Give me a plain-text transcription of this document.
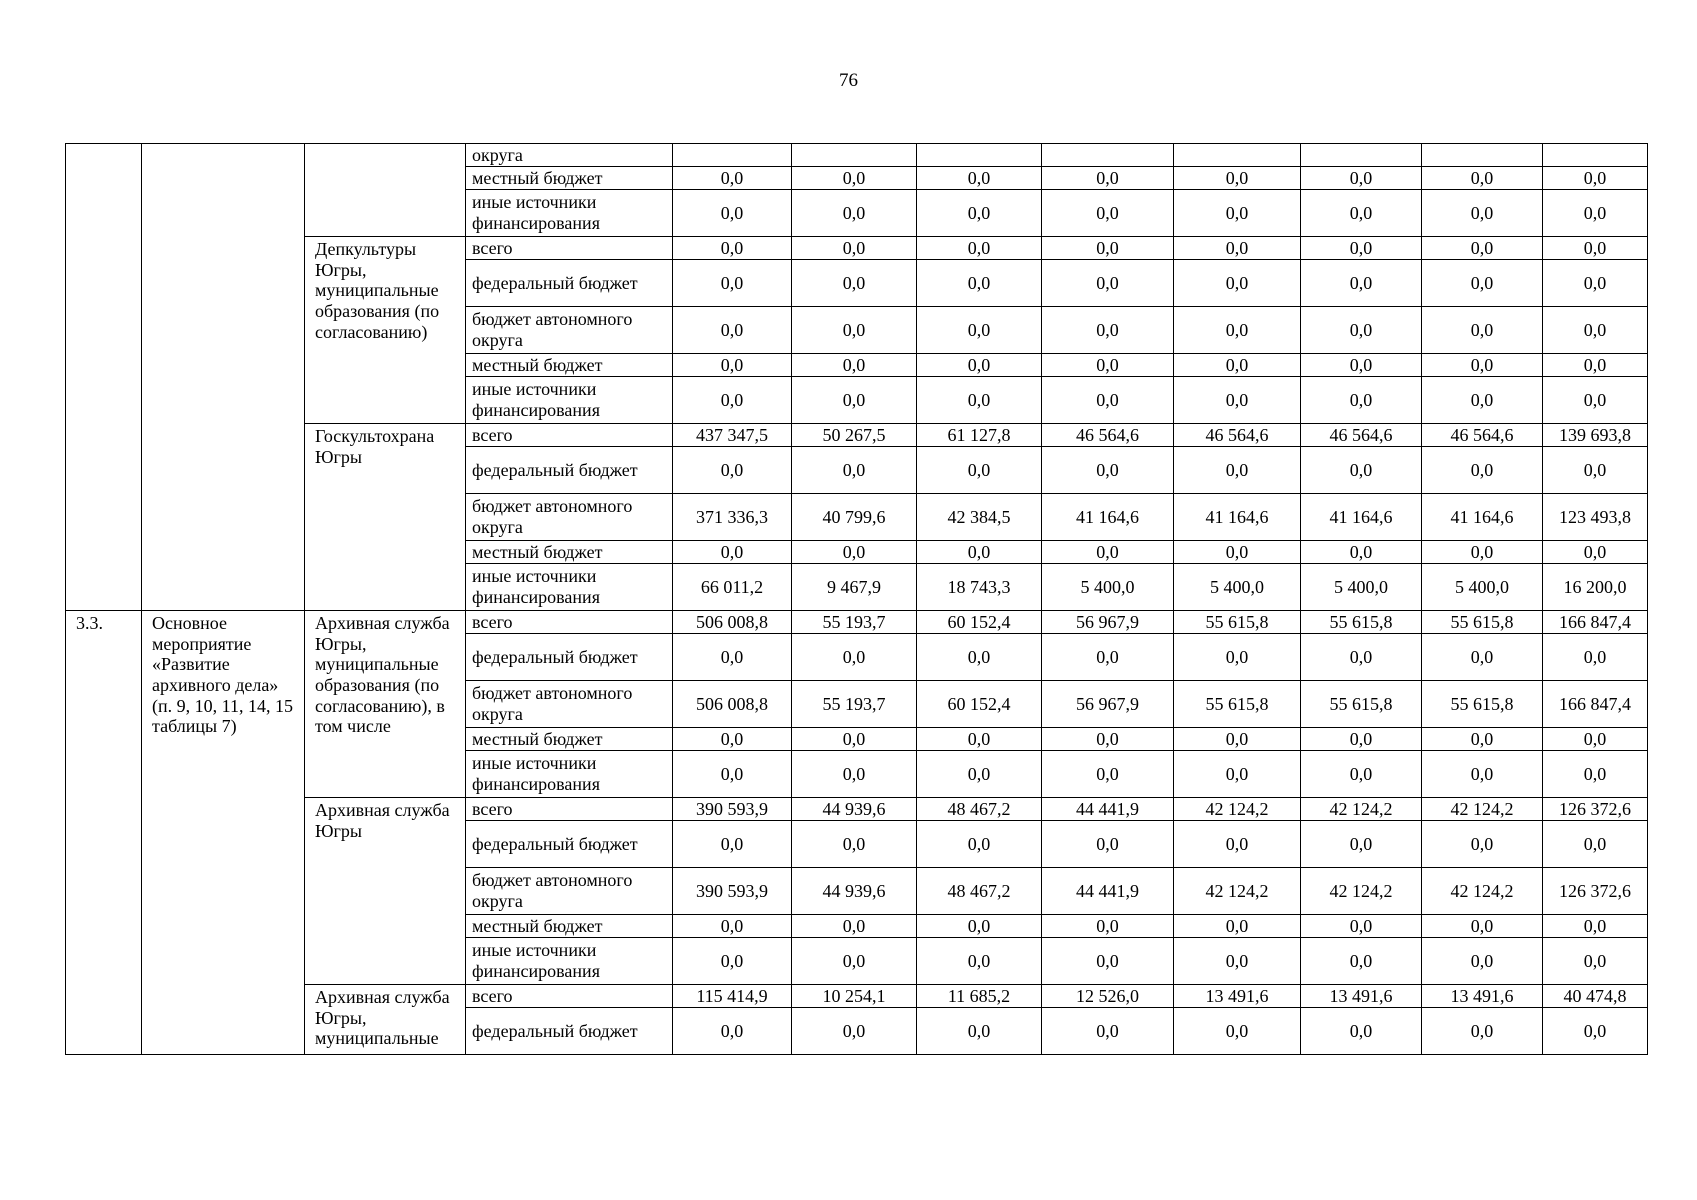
76
			округа								
			местный бюджет	0,0	0,0	0,0	0,0	0,0	0,0	0,0	0,0
			иные источники финансирования	0,0	0,0	0,0	0,0	0,0	0,0	0,0	0,0
		Депкультуры Югры, муниципальные образования (по согласованию)	всего	0,0	0,0	0,0	0,0	0,0	0,0	0,0	0,0
			федеральный бюджет	0,0	0,0	0,0	0,0	0,0	0,0	0,0	0,0
			бюджет автономного округа	0,0	0,0	0,0	0,0	0,0	0,0	0,0	0,0
			местный бюджет	0,0	0,0	0,0	0,0	0,0	0,0	0,0	0,0
			иные источники финансирования	0,0	0,0	0,0	0,0	0,0	0,0	0,0	0,0
		Госкультохрана Югры	всего	437 347,5	50 267,5	61 127,8	46 564,6	46 564,6	46 564,6	46 564,6	139 693,8
			федеральный бюджет	0,0	0,0	0,0	0,0	0,0	0,0	0,0	0,0
			бюджет автономного округа	371 336,3	40 799,6	42 384,5	41 164,6	41 164,6	41 164,6	41 164,6	123 493,8
			местный бюджет	0,0	0,0	0,0	0,0	0,0	0,0	0,0	0,0
			иные источники финансирования	66 011,2	9 467,9	18 743,3	5 400,0	5 400,0	5 400,0	5 400,0	16 200,0
3.3.	Основное мероприятие «Развитие архивного дела» (п. 9, 10, 11, 14, 15 таблицы 7)	Архивная служба Югры, муниципальные образования (по согласованию), в том числе	всего	506 008,8	55 193,7	60 152,4	56 967,9	55 615,8	55 615,8	55 615,8	166 847,4
			федеральный бюджет	0,0	0,0	0,0	0,0	0,0	0,0	0,0	0,0
			бюджет автономного округа	506 008,8	55 193,7	60 152,4	56 967,9	55 615,8	55 615,8	55 615,8	166 847,4
			местный бюджет	0,0	0,0	0,0	0,0	0,0	0,0	0,0	0,0
			иные источники финансирования	0,0	0,0	0,0	0,0	0,0	0,0	0,0	0,0
		Архивная служба Югры	всего	390 593,9	44 939,6	48 467,2	44 441,9	42 124,2	42 124,2	42 124,2	126 372,6
			федеральный бюджет	0,0	0,0	0,0	0,0	0,0	0,0	0,0	0,0
			бюджет автономного округа	390 593,9	44 939,6	48 467,2	44 441,9	42 124,2	42 124,2	42 124,2	126 372,6
			местный бюджет	0,0	0,0	0,0	0,0	0,0	0,0	0,0	0,0
			иные источники финансирования	0,0	0,0	0,0	0,0	0,0	0,0	0,0	0,0
		Архивная служба Югры, муниципальные	всего	115 414,9	10 254,1	11 685,2	12 526,0	13 491,6	13 491,6	13 491,6	40 474,8
			федеральный бюджет	0,0	0,0	0,0	0,0	0,0	0,0	0,0	0,0
